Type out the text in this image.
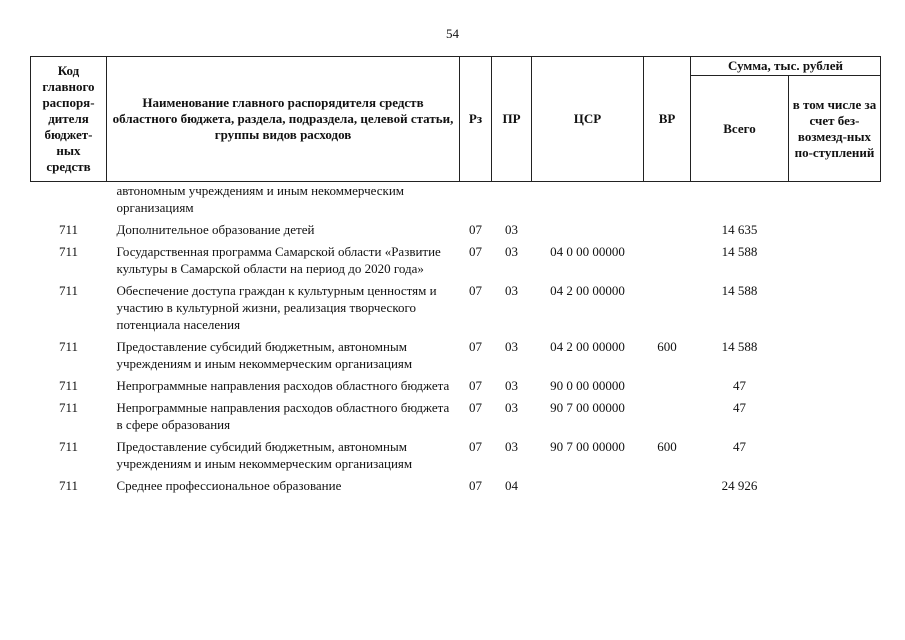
54
Код главного распоря-дителя бюджет-ных средств	Наименование главного распорядителя средств областного бюджета, раздела, подраздела, целевой статьи, группы видов расходов	Рз	ПР	ЦСР	ВР	Сумма, тыс. рублей	
						Всего	в том числе за счет без-возмезд-ных по-ступлений
	автономным учреждениям и иным некоммерческим организациям						
711	Дополнительное образование детей	07	03			14 635	
711	Государственная программа Самарской области «Развитие культуры в Самарской области на период до 2020 года»	07	03	04 0 00 00000		14 588	
711	Обеспечение доступа граждан к культурным ценностям и участию в культурной жизни, реализация творческого потенциала населения	07	03	04 2 00 00000		14 588	
711	Предоставление субсидий бюджетным, автономным учреждениям и иным некоммерческим организациям	07	03	04 2 00 00000	600	14 588	
711	Непрограммные направления расходов областного бюджета	07	03	90 0 00 00000		47	
711	Непрограммные направления расходов областного бюджета в сфере образования	07	03	90 7 00 00000		47	
711	Предоставление субсидий бюджетным, автономным учреждениям и иным некоммерческим организациям	07	03	90 7 00 00000	600	47	
711	Среднее профессиональное образование	07	04			24 926	
